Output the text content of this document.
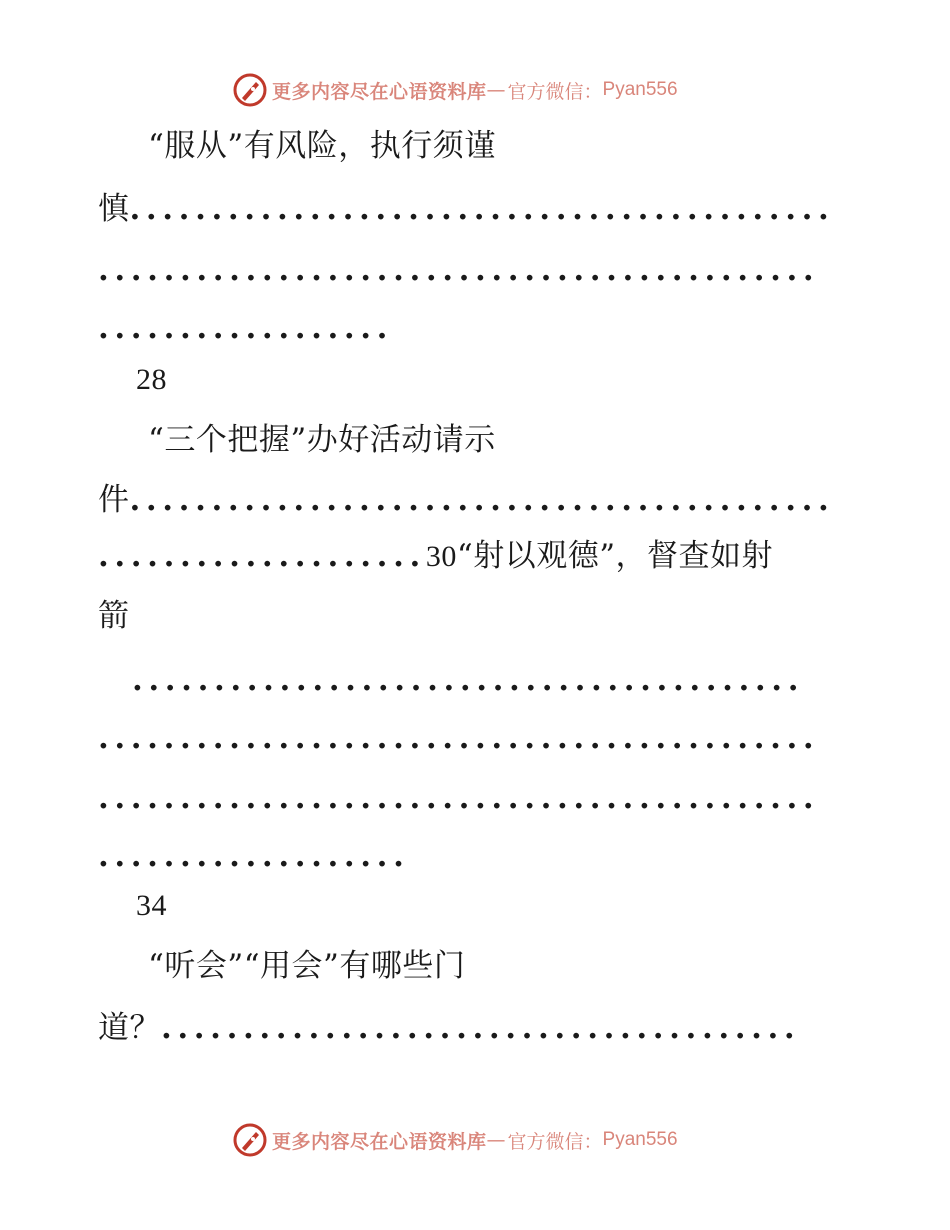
更多内容尽在心语资料库 — 官方微信： Pyan556
“服从”有风险，执行须谨
慎...........................................
............................................
..................
28
“三个把握”办好活动请示
件...........................................
....................30“射以观德”，督查如射
箭
.........................................
............................................
............................................
...................
34
“听会”“用会”有哪些门
道？.......................................
更多内容尽在心语资料库 — 官方微信： Pyan556
